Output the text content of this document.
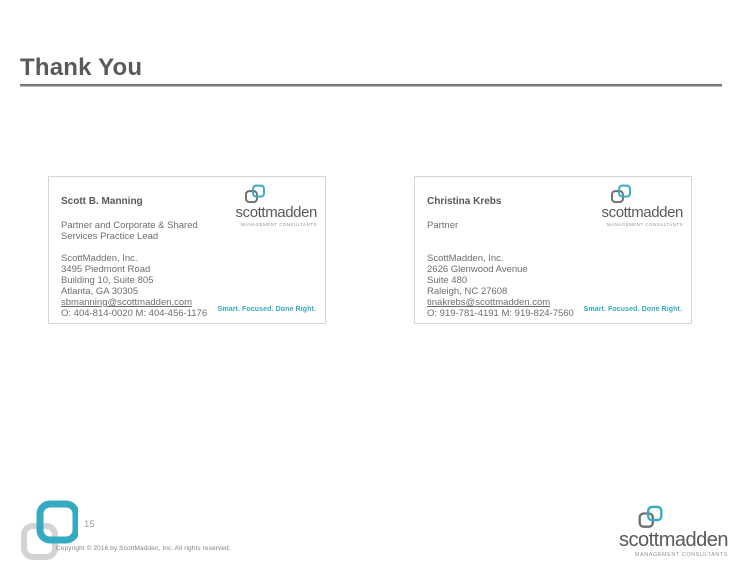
Thank You
Scott B. Manning
Partner and Corporate & Shared Services Practice Lead
ScottMadden, Inc.
3495 Piedmont Road
Building 10, Suite 805
Atlanta, GA 30305
sbmanning@scottmadden.com
O: 404-814-0020 M: 404-456-1176
scottmadden
MANAGEMENT CONSULTANTS
Smart. Focused. Done Right.
Christina Krebs
Partner
ScottMadden, Inc.
2626 Glenwood Avenue
Suite 480
Raleigh, NC 27608
tinakrebs@scottmadden.com
O: 919-781-4191 M: 919-824-7560
scottmadden
MANAGEMENT CONSULTANTS
Smart. Focused. Done Right.
15
Copyright © 2016 by ScottMadden, Inc. All rights reserved.	scottmadden
MANAGEMENT CONSULTANTS
